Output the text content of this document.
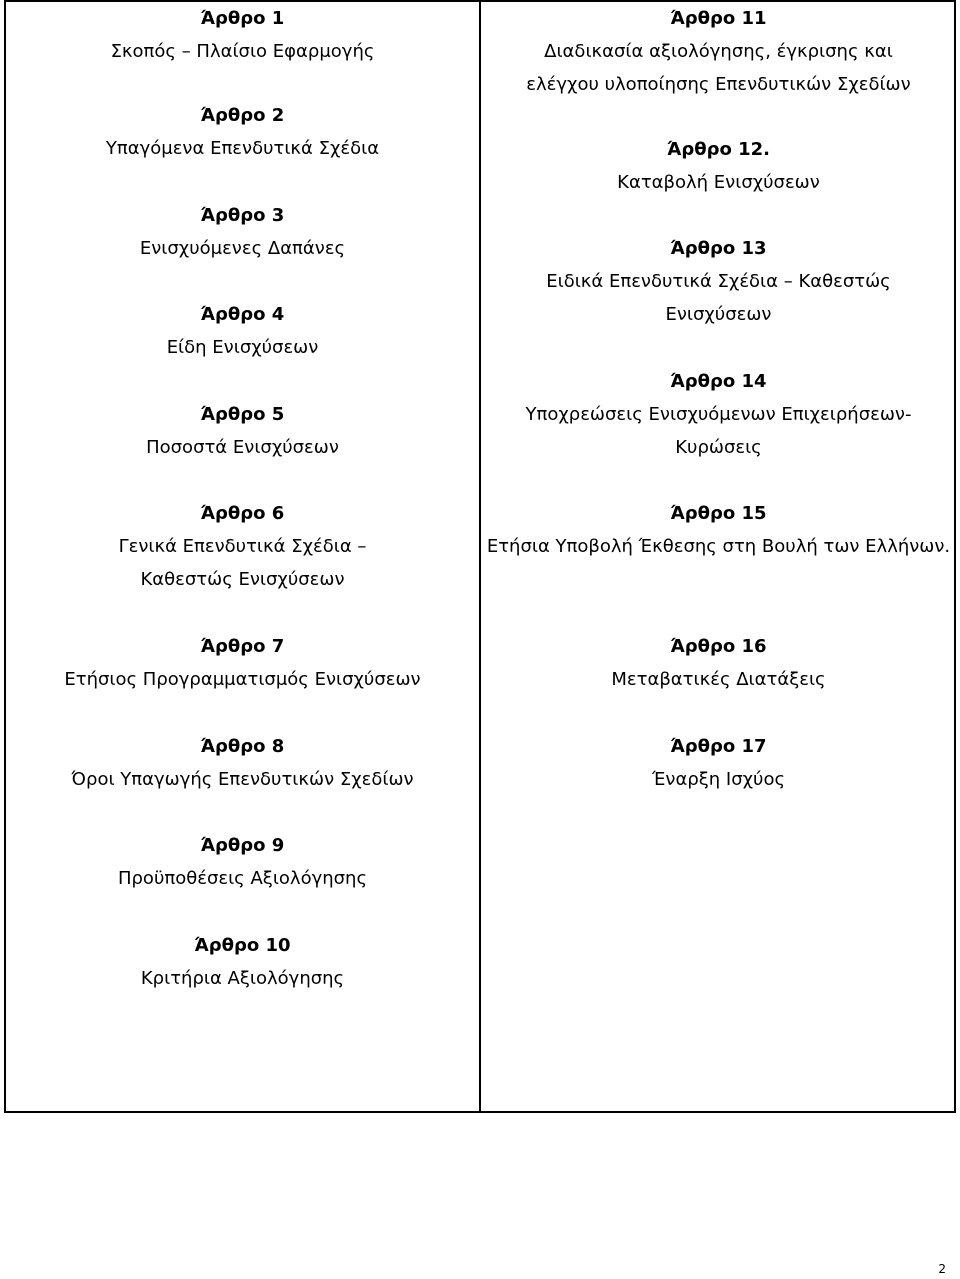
Άρθρο 1
Σκοπός – Πλαίσιο Εφαρμογής
Άρθρο 2
Υπαγόμενα Επενδυτικά Σχέδια
Άρθρο 3
Ενισχυόμενες Δαπάνες
Άρθρο 4
Είδη Ενισχύσεων
Άρθρο 5
Ποσοστά Ενισχύσεων
Άρθρο 6
Γενικά Επενδυτικά Σχέδια – Καθεστώς Ενισχύσεων
Άρθρο 7
Ετήσιος Προγραμματισμός Ενισχύσεων
Άρθρο 8
Όροι Υπαγωγής Επενδυτικών Σχεδίων
Άρθρο 9
Προϋποθέσεις Αξιολόγησης
Άρθρο 10
Κριτήρια Αξιολόγησης
Άρθρο 11
Διαδικασία αξιολόγησης, έγκρισης και ελέγχου υλοποίησης Επενδυτικών Σχεδίων
Άρθρο 12.
Καταβολή Ενισχύσεων
Άρθρο 13
Ειδικά Επενδυτικά Σχέδια – Καθεστώς Ενισχύσεων
Άρθρο 14
Υποχρεώσεις Ενισχυόμενων Επιχειρήσεων- Κυρώσεις
Άρθρο 15
Ετήσια Υποβολή Έκθεσης στη Βουλή των Ελλήνων.
Άρθρο 16
Μεταβατικές Διατάξεις
Άρθρο 17
Έναρξη Ισχύος
2
